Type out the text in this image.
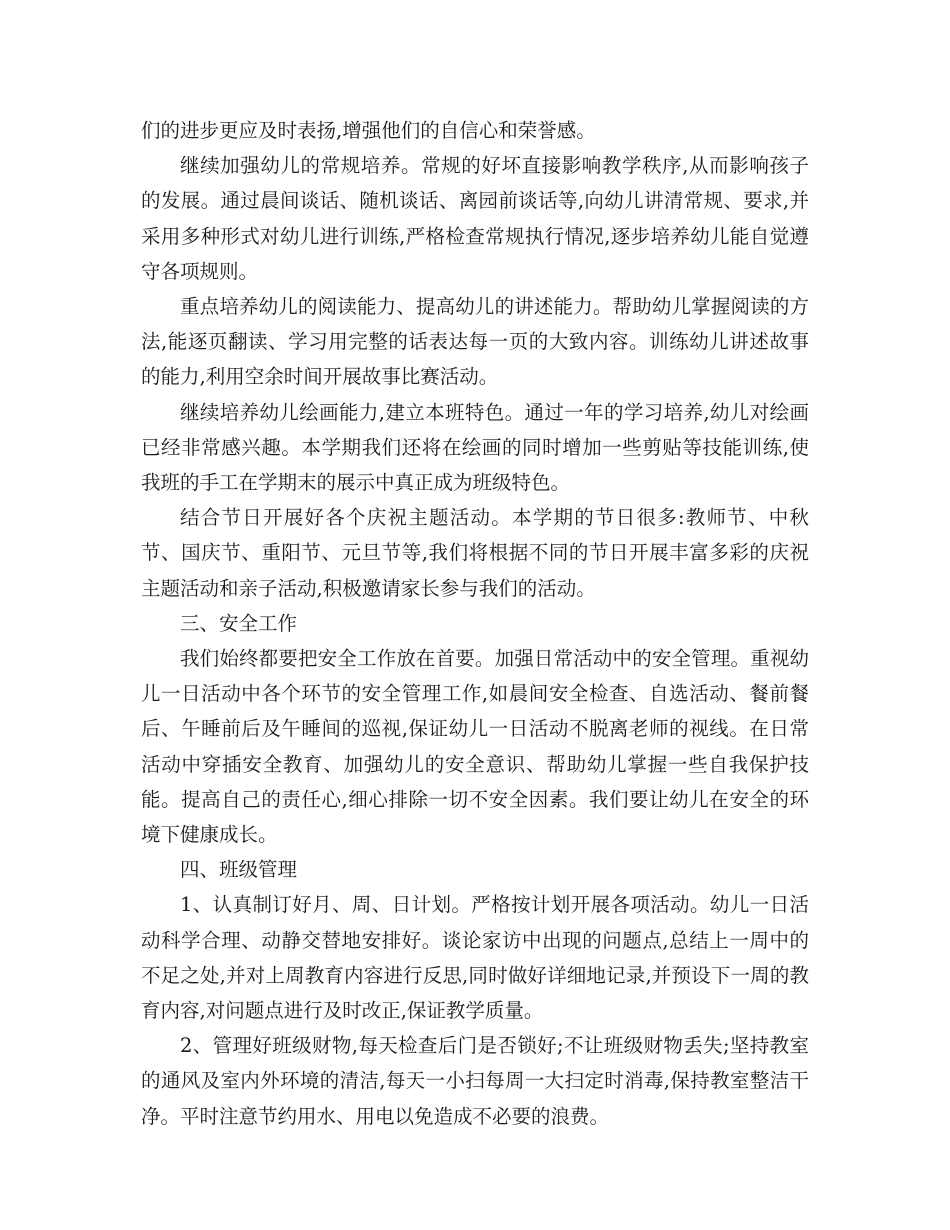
们的进步更应及时表扬,增强他们的自信心和荣誉感。

继续加强幼儿的常规培养。常规的好坏直接影响教学秩序,从而影响孩子的发展。通过晨间谈话、随机谈话、离园前谈话等,向幼儿讲清常规、要求,并采用多种形式对幼儿进行训练,严格检查常规执行情况,逐步培养幼儿能自觉遵守各项规则。

重点培养幼儿的阅读能力、提高幼儿的讲述能力。帮助幼儿掌握阅读的方法,能逐页翻读、学习用完整的话表达每一页的大致内容。训练幼儿讲述故事的能力,利用空余时间开展故事比赛活动。

继续培养幼儿绘画能力,建立本班特色。通过一年的学习培养,幼儿对绘画已经非常感兴趣。本学期我们还将在绘画的同时增加一些剪贴等技能训练,使我班的手工在学期末的展示中真正成为班级特色。

结合节日开展好各个庆祝主题活动。本学期的节日很多:教师节、中秋节、国庆节、重阳节、元旦节等,我们将根据不同的节日开展丰富多彩的庆祝主题活动和亲子活动,积极邀请家长参与我们的活动。

三、安全工作

我们始终都要把安全工作放在首要。加强日常活动中的安全管理。重视幼儿一日活动中各个环节的安全管理工作,如晨间安全检查、自选活动、餐前餐后、午睡前后及午睡间的巡视,保证幼儿一日活动不脱离老师的视线。在日常活动中穿插安全教育、加强幼儿的安全意识、帮助幼儿掌握一些自我保护技能。提高自己的责任心,细心排除一切不安全因素。我们要让幼儿在安全的环境下健康成长。

四、班级管理

1、认真制订好月、周、日计划。严格按计划开展各项活动。幼儿一日活动科学合理、动静交替地安排好。谈论家访中出现的问题点,总结上一周中的不足之处,并对上周教育内容进行反思,同时做好详细地记录,并预设下一周的教育内容,对问题点进行及时改正,保证教学质量。

2、管理好班级财物,每天检查后门是否锁好;不让班级财物丢失;坚持教室的通风及室内外环境的清洁,每天一小扫每周一大扫定时消毒,保持教室整洁干净。平时注意节约用水、用电以免造成不必要的浪费。
